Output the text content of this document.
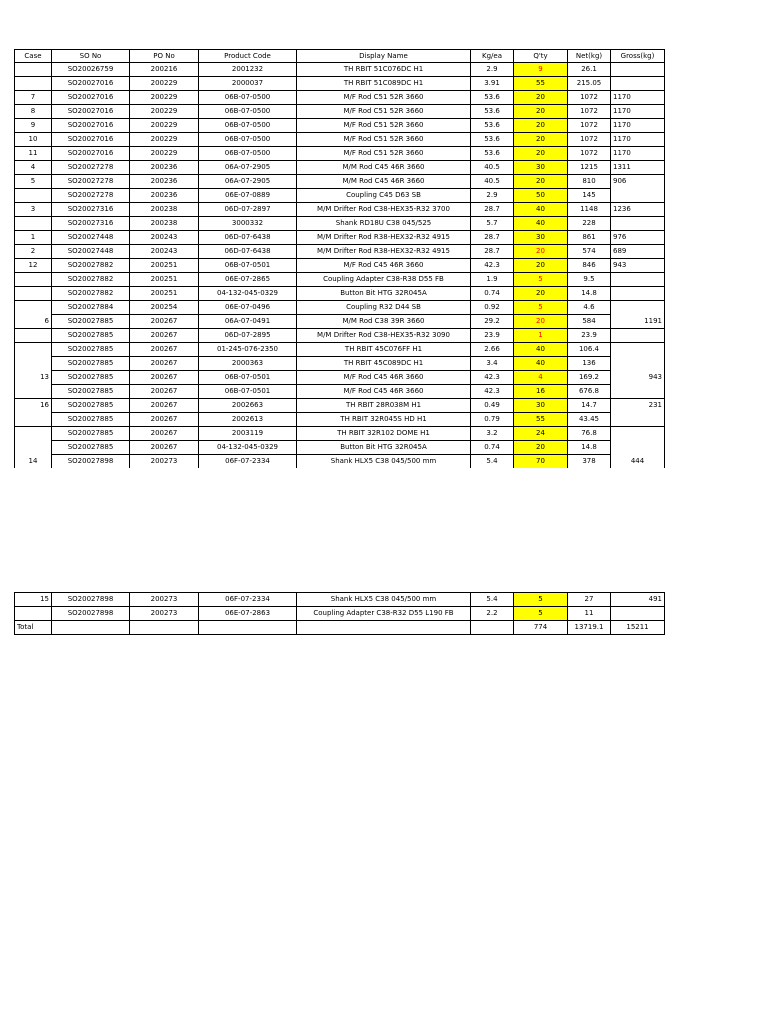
Case	SO No	PO No	Product Code	Display Name	Kg/ea	Q'ty	Net(kg)	Gross(kg)
	SO20026759	200216	2001232	TH RBIT 51C076DC H1	2.9	9	26.1	
	SO20027016	200229	2000037	TH RBIT 51C089DC H1	3.91	55	215.05	
7	SO20027016	200229	06B-07-0500	M/F Rod C51 52R 3660	53.6	20	1072	1170
8	SO20027016	200229	06B-07-0500	M/F Rod C51 52R 3660	53.6	20	1072	1170
9	SO20027016	200229	06B-07-0500	M/F Rod C51 52R 3660	53.6	20	1072	1170
10	SO20027016	200229	06B-07-0500	M/F Rod C51 52R 3660	53.6	20	1072	1170
11	SO20027016	200229	06B-07-0500	M/F Rod C51 52R 3660	53.6	20	1072	1170
4	SO20027278	200236	06A-07-2905	M/M Rod C45 46R 3660	40.5	30	1215	1311
5	SO20027278	200236	06A-07-2905	M/M Rod C45 46R 3660	40.5	20	810	906
	SO20027278	200236	06E-07-0889	Coupling C45 D63 SB	2.9	50	145	
3	SO20027316	200238	06D-07-2897	M/M Drifter Rod C38-HEX35-R32 3700	28.7	40	1148	1236
	SO20027316	200238	3000332	Shank RD18U C38 045/525	5.7	40	228	
1	SO20027448	200243	06D-07-6438	M/M Drifter Rod R38-HEX32-R32 4915	28.7	30	861	976
2	SO20027448	200243	06D-07-6438	M/M Drifter Rod R38-HEX32-R32 4915	28.7	20	574	689
12	SO20027882	200251	06B-07-0501	M/F Rod C45 46R 3660	42.3	20	846	943
	SO20027882	200251	06E-07-2865	Coupling Adapter C38-R38 D55 FB	1.9	5	9.5	
	SO20027882	200251	04-132-045-0329	Button Bit HTG 32R045A	0.74	20	14.8	
	SO20027884	200254	06E-07-0496	Coupling R32 D44 SB	0.92	5	4.6	
6	SO20027885	200267	06A-07-0491	M/M Rod C38 39R 3660	29.2	20	584	1191
	SO20027885	200267	06D-07-2895	M/M Drifter Rod C38-HEX35-R32 3090	23.9	1	23.9	
	SO20027885	200267	01-245-076-2350	TH RBIT 45C076FF H1	2.66	40	106.4	
	SO20027885	200267	2000363	TH RBIT 45C089DC H1	3.4	40	136	
13	SO20027885	200267	06B-07-0501	M/F Rod C45 46R 3660	42.3	4	169.2	943
	SO20027885	200267	06B-07-0501	M/F Rod C45 46R 3660	42.3	16	676.8	
16	SO20027885	200267	2002663	TH RBIT 28R038M H1	0.49	30	14.7	231
	SO20027885	200267	2002613	TH RBIT 32R045S HD H1	0.79	55	43.45	
	SO20027885	200267	2003119	TH RBIT 32R102 DOME H1	3.2	24	76.8	
	SO20027885	200267	04-132-045-0329	Button Bit HTG 32R045A	0.74	20	14.8	
14	SO20027898	200273	06F-07-2334	Shank HLX5 C38 045/500 mm	5.4	70	378	444
15	SO20027898	200273	06F-07-2334	Shank HLX5 C38 045/500 mm	5.4	5	27	491
	SO20027898	200273	06E-07-2863	Coupling Adapter C38-R32 D55 L190 FB	2.2	5	11	
Total						774	13719.1	15211
